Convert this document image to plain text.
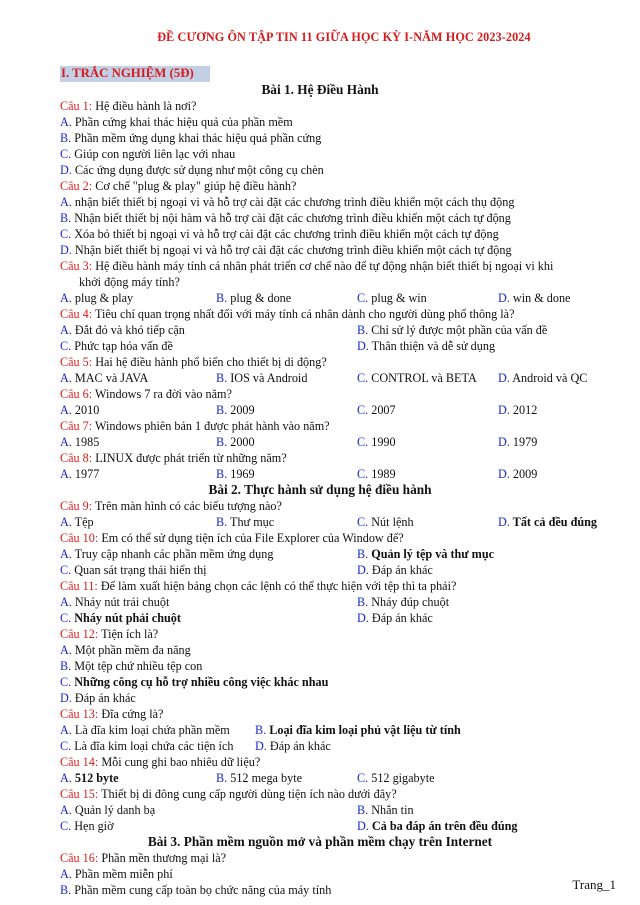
ĐỀ CƯƠNG ÔN TẬP TIN 11 GIỮA HỌC KỲ I-NĂM HỌC 2023-2024
I. TRẮC NGHIỆM (5Đ)
Bài 1. Hệ Điều Hành
Câu 1: Hệ điều hành là nơi?
A. Phần cứng khai thác hiệu quả của phần mềm
B. Phần mềm ứng dụng khai thác hiệu quả phần cứng
C. Giúp con người liên lạc với nhau
D. Các ứng dụng được sử dụng như một công cụ chèn
Câu 2: Cơ chế "plug & play" giúp hệ điều hành?
A. nhận biết thiết bị ngoại vi và hỗ trợ cài đặt các chương trình điều khiển một cách thụ động
B. Nhận biết thiết bị nội hàm và hỗ trợ cài đặt các chương trình điều khiển một cách tự động
C. Xóa bỏ thiết bị ngoại vi và hỗ trợ cài đặt các chương trình điều khiển một cách tự động
D. Nhận biết thiết bị ngoại vi và hỗ trợ cài đặt các chương trình điều khiển một cách tự động
Câu 3: Hệ điều hành máy tính cá nhân phát triển cơ chế nào để tự động nhận biết thiết bị ngoại vi khi
khởi động máy tính?
A. plug & play	B. plug & done	C. plug & win	D. win & done
Câu 4: Tiêu chí quan trọng nhất đối với máy tính cá nhân dành cho người dùng phổ thông là?
A. Đắt đỏ và khó tiếp cận	B. Chỉ sử lý được một phần của vấn đề
C. Phức tạp hóa vấn đề	D. Thân thiện và dễ sử dụng
Câu 5: Hai hệ điều hành phổ biến cho thiết bị di động?
A. MAC và JAVA	B. IOS và Android	C. CONTROL và BETA D. Android và QC
Câu 6: Windows 7 ra đời vào năm?
A. 2010	B. 2009	C. 2007	D. 2012
Câu 7: Windows phiên bản 1 được phát hành vào năm?
A. 1985	B. 2000	C. 1990	D. 1979
Câu 8: LINUX được phát triển từ những năm?
A. 1977	B. 1969	C. 1989	D. 2009
Bài 2. Thực hành sử dụng hệ điều hành
Câu 9: Trên màn hình có các biểu tượng nào?
A. Tệp	B. Thư mục	C. Nút lệnh	D. Tất cả đều đúng
Câu 10: Em có thể sử dụng tiện ích của File Explorer của Window để?
A. Truy cập nhanh các phần mềm ứng dụng	B. Quản lý tệp và thư mục
C. Quan sát trạng thái hiển thị	D. Đáp án khác
Câu 11: Để làm xuất hiện bảng chọn các lệnh có thể thực hiện với tệp thì ta phải?
A. Nháy nút trái chuột	B. Nháy đúp chuột
C. Nháy nút phải chuột	D. Đáp án khác
Câu 12: Tiện ích là?
A. Một phần mềm đa năng
B. Một tệp chứ nhiều tệp con
C. Những công cụ hỗ trợ nhiều công việc khác nhau
D. Đáp án khác
Câu 13: Đĩa cứng là?
A. Là đĩa kim loại chứa phần mềm B. Loại đĩa kim loại phủ vật liệu từ tính
C. Là đĩa kim loại chứa các tiện ích D. Đáp án khác
Câu 14: Mỗi cung ghi bao nhiêu dữ liệu?
A. 512 byte	B. 512 mega byte	C. 512 gigabyte
Câu 15: Thiết bị di đông cung cấp người dùng tiện ích nào dưới đây?
A. Quản lý danh bạ	B. Nhắn tin
C. Hẹn giờ	D. Cả ba đáp án trên đều đúng
Bài 3. Phần mềm nguồn mở và phần mềm chạy trên Internet
Câu 16: Phần mền thương mại là?
A. Phần mềm miễn phí
B. Phần mềm cung cấp toàn bọ chức năng của máy tính	Trang_1
